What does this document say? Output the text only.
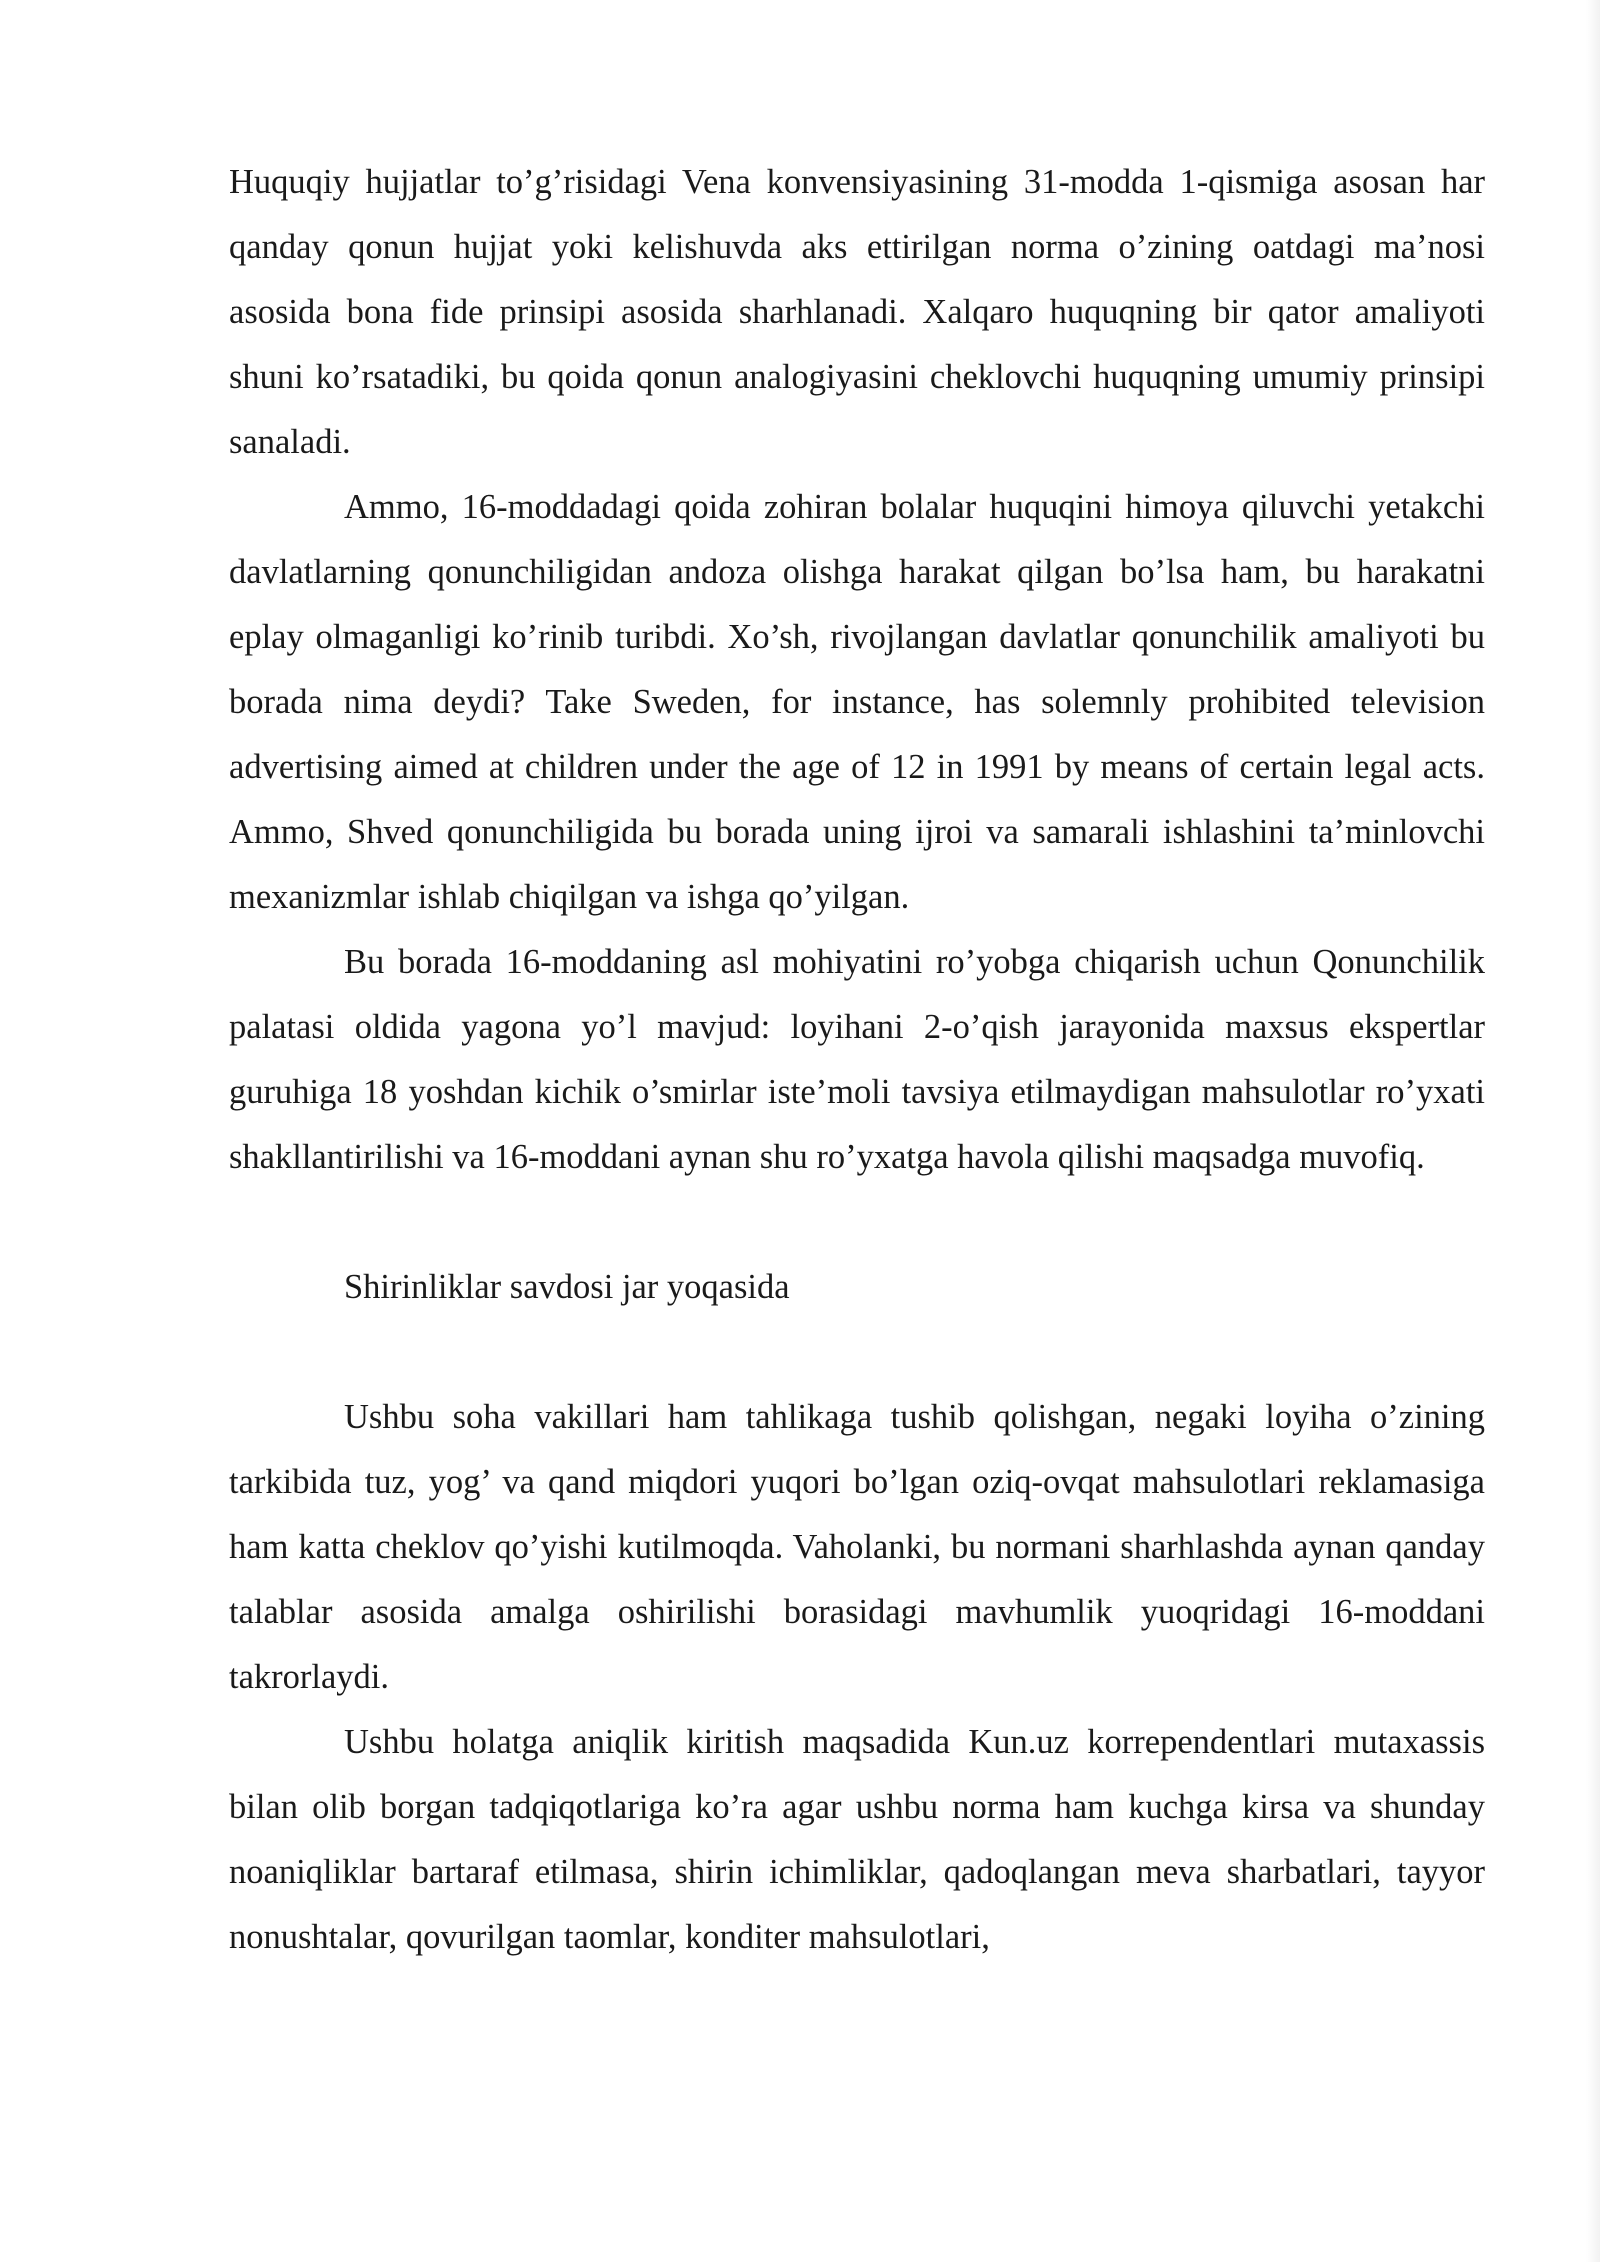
Huquqiy hujjatlar to’g’risidagi Vena konvensiyasining 31-modda 1-qismiga asosan har qanday qonun hujjat yoki kelishuvda aks ettirilgan norma o’zining oatdagi ma’nosi asosida bona fide prinsipi asosida sharhlanadi. Xalqaro huquqning bir qator amaliyoti shuni ko’rsatadiki, bu qoida qonun analogiyasini cheklovchi huquqning umumiy prinsipi sanaladi.

Ammo, 16-moddadagi qoida zohiran bolalar huquqini himoya qiluvchi yetakchi davlatlarning qonunchiligidan andoza olishga harakat qilgan bo’lsa ham, bu harakatni eplay olmaganligi ko’rinib turibdi. Xo’sh, rivojlangan davlatlar qonunchilik amaliyoti bu borada nima deydi? Take Sweden, for instance, has solemnly prohibited television advertising aimed at children under the age of 12 in 1991 by means of certain legal acts. Ammo, Shved qonunchiligida bu borada uning ijroi va samarali ishlashini ta’minlovchi mexanizmlar ishlab chiqilgan va ishga qo’yilgan.

Bu borada 16-moddaning asl mohiyatini ro’yobga chiqarish uchun Qonunchilik palatasi oldida yagona yo’l mavjud: loyihani 2-o’qish jarayonida maxsus ekspertlar guruhiga 18 yoshdan kichik o’smirlar iste’moli tavsiya etilmaydigan mahsulotlar ro’yxati shakllantirilishi va 16-moddani aynan shu ro’yxatga havola qilishi maqsadga muvofiq.

Shirinliklar savdosi jar yoqasida

Ushbu soha vakillari ham tahlikaga tushib qolishgan, negaki loyiha o’zining tarkibida tuz, yog’ va qand miqdori yuqori bo’lgan oziq-ovqat mahsulotlari reklamasiga ham katta cheklov qo’yishi kutilmoqda. Vaholanki, bu normani sharhlashda aynan qanday talablar asosida amalga oshirilishi borasidagi mavhumlik yuoqridagi 16-moddani takrorlaydi.

Ushbu holatga aniqlik kiritish maqsadida Kun.uz korrependentlari mutaxassis bilan olib borgan tadqiqotlariga ko’ra agar ushbu norma ham kuchga kirsa va shunday noaniqliklar bartaraf etilmasa, shirin ichimliklar, qadoqlangan meva sharbatlari, tayyor nonushtalar, qovurilgan taomlar, konditer mahsulotlari,
